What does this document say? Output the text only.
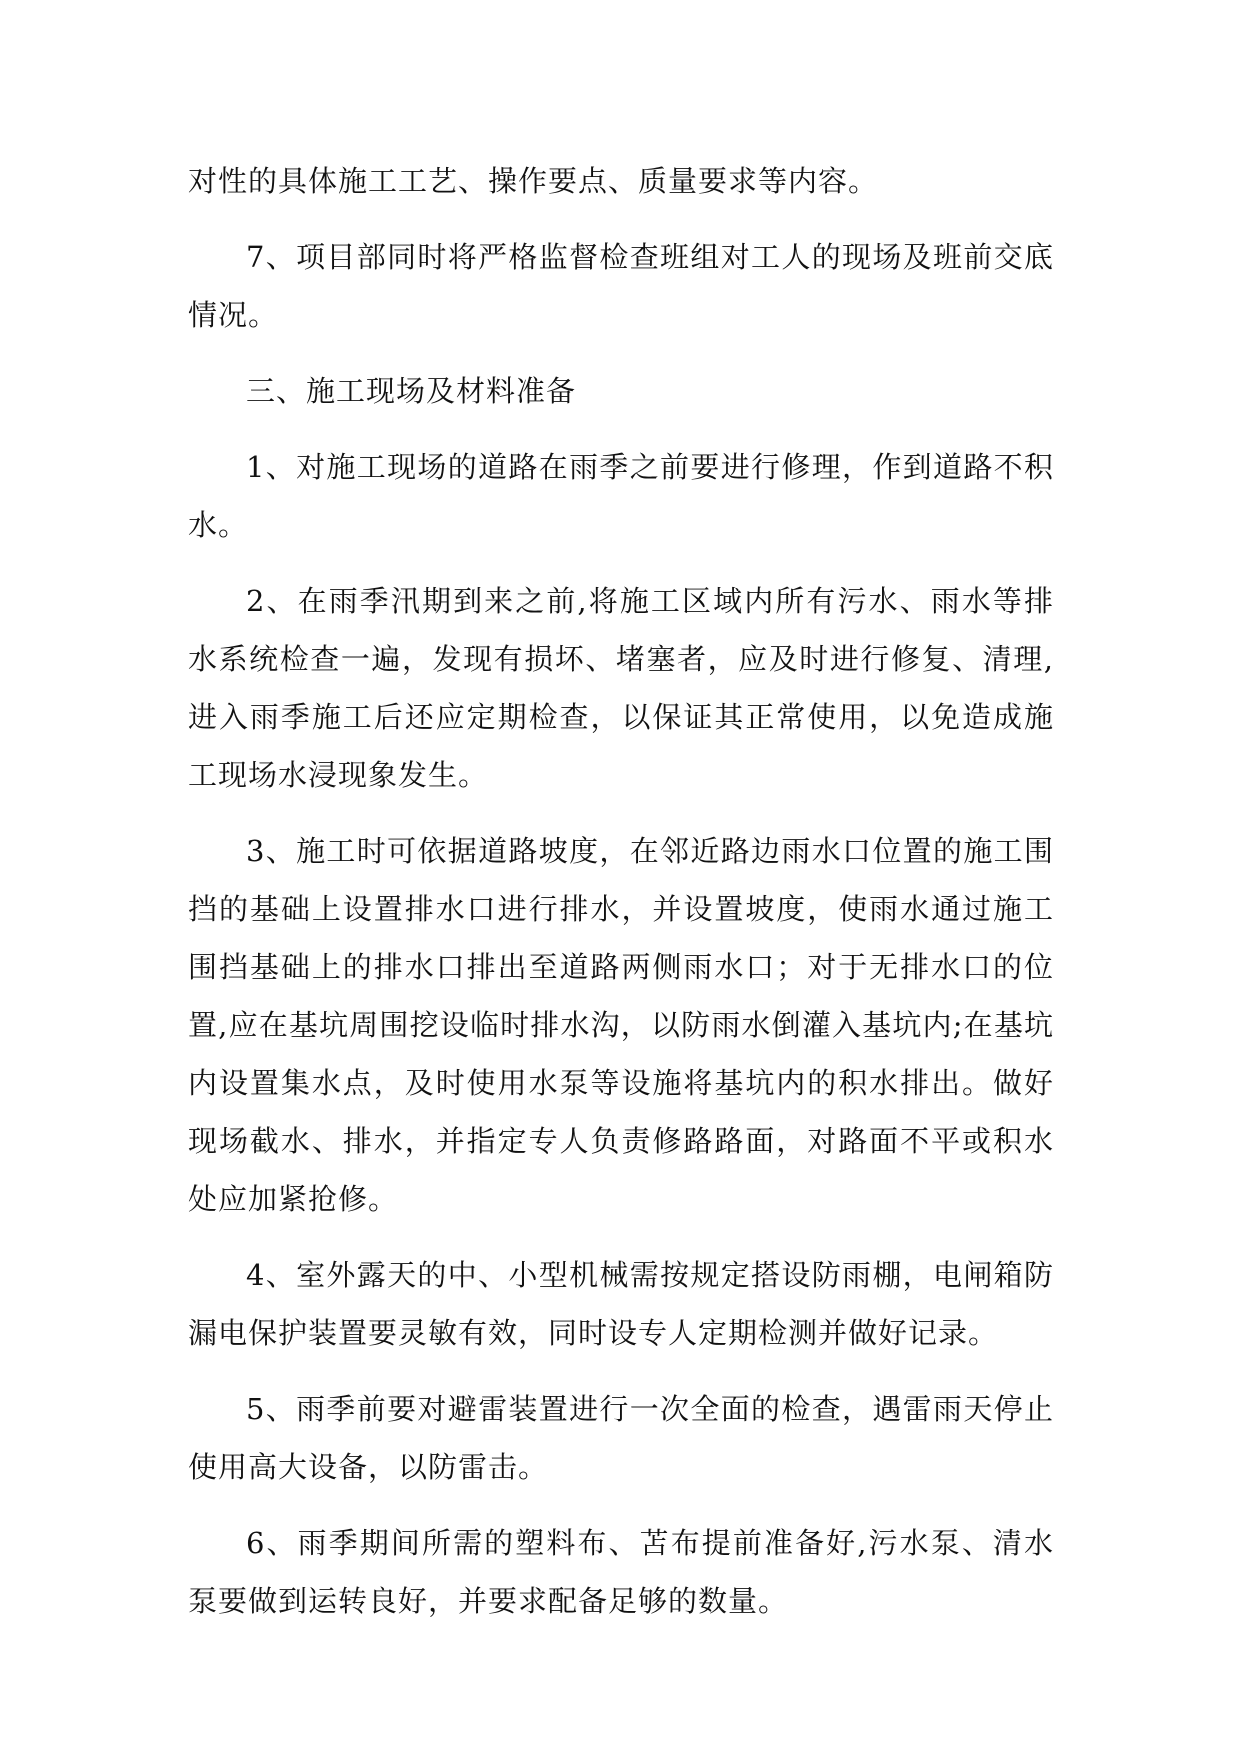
对性的具体施工工艺、操作要点、质量要求等内容。

7、项目部同时将严格监督检查班组对工人的现场及班前交底情况。

三、施工现场及材料准备

1、对施工现场的道路在雨季之前要进行修理，作到道路不积水。

2、在雨季汛期到来之前,将施工区域内所有污水、雨水等排水系统检查一遍，发现有损坏、堵塞者，应及时进行修复、清理,进入雨季施工后还应定期检查，以保证其正常使用，以免造成施工现场水浸现象发生。

3、施工时可依据道路坡度，在邻近路边雨水口位置的施工围挡的基础上设置排水口进行排水，并设置坡度，使雨水通过施工围挡基础上的排水口排出至道路两侧雨水口；对于无排水口的位置,应在基坑周围挖设临时排水沟，以防雨水倒灌入基坑内;在基坑内设置集水点，及时使用水泵等设施将基坑内的积水排出。做好现场截水、排水，并指定专人负责修路路面，对路面不平或积水处应加紧抢修。

4、室外露天的中、小型机械需按规定搭设防雨棚，电闸箱防漏电保护装置要灵敏有效，同时设专人定期检测并做好记录。

5、雨季前要对避雷装置进行一次全面的检查，遇雷雨天停止使用高大设备，以防雷击。

6、雨季期间所需的塑料布、苫布提前准备好,污水泵、清水泵要做到运转良好，并要求配备足够的数量。
